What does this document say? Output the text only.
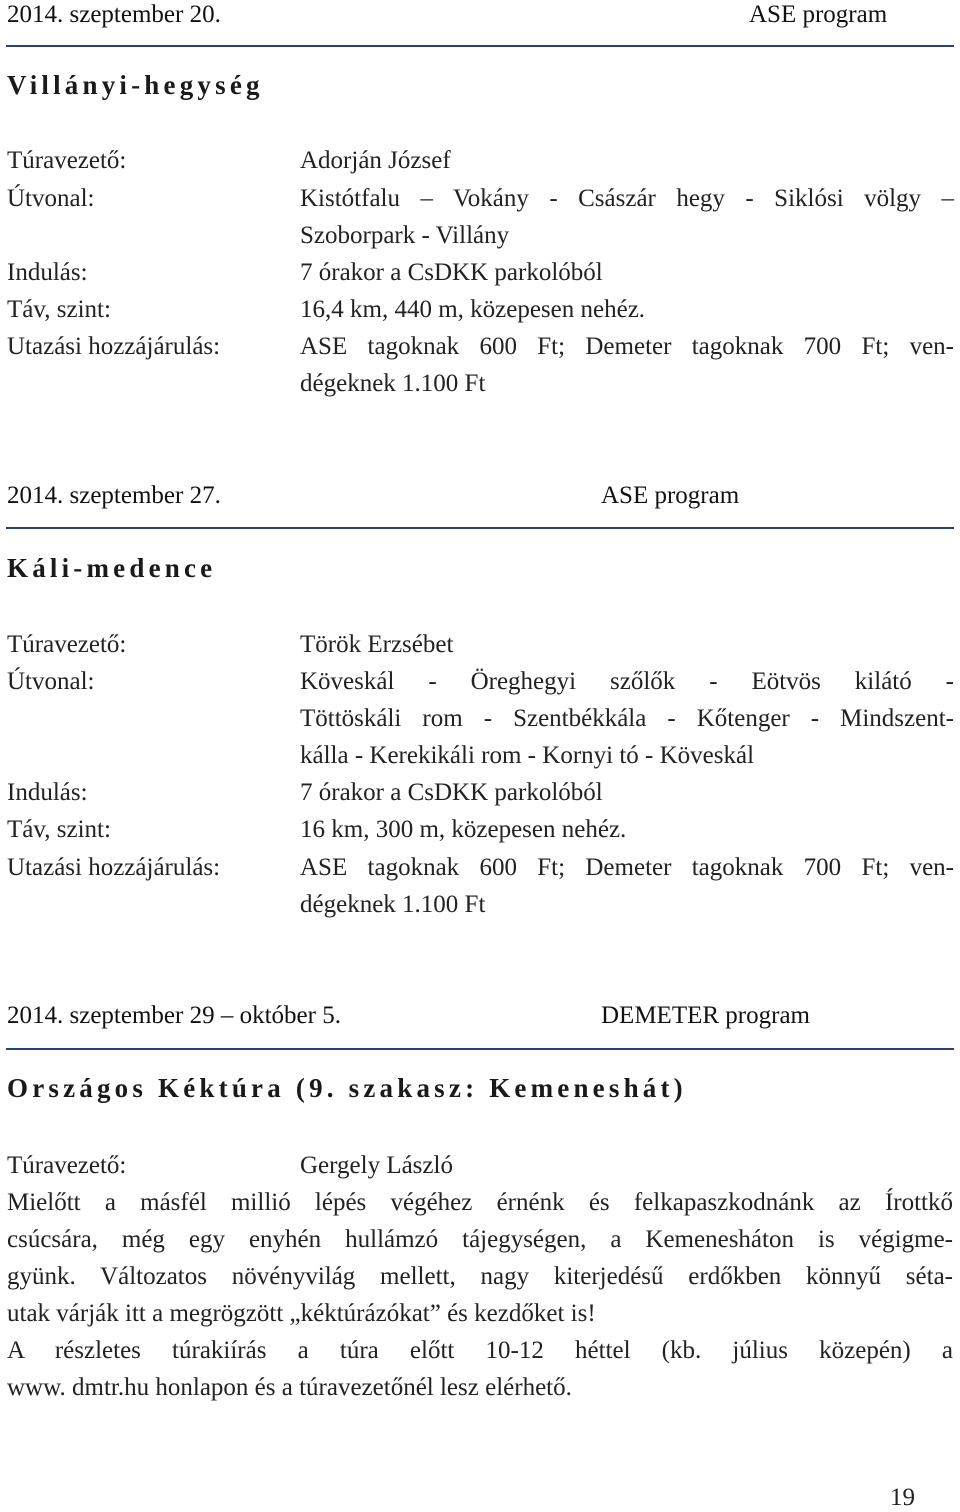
2014. szeptember 20.	ASE program
Villányi-hegység
Túravezető:	Adorján József
Útvonal:	Kistótfalu – Vokány - Császár hegy - Siklósi völgy –
Szoborpark - Villány
Indulás:	7 órakor a CsDKK parkolóból
Táv, szint:	16,4 km, 440 m, közepesen nehéz.
Utazási hozzájárulás:	ASE tagoknak 600 Ft; Demeter tagoknak 700 Ft; ven-
dégeknek 1.100 Ft
2014. szeptember 27.	ASE program
Káli-medence
Túravezető:	Török Erzsébet
Útvonal:	Köveskál - Öreghegyi szőlők - Eötvös kilátó -
Töttöskáli rom - Szentbékkála - Kőtenger - Mindszent-
kálla - Kerekikáli rom - Kornyi tó - Köveskál
Indulás:	7 órakor a CsDKK parkolóból
Táv, szint:	16 km, 300 m, közepesen nehéz.
Utazási hozzájárulás:	ASE tagoknak 600 Ft; Demeter tagoknak 700 Ft; ven-
dégeknek 1.100 Ft
2014. szeptember 29 – október 5.	DEMETER program
Országos Kéktúra (9. szakasz: Kemeneshát)
Túravezető:	Gergely László
Mielőtt a másfél millió lépés végéhez érnénk és felkapaszkodnánk az Írottkő
csúcsára, még egy enyhén hullámzó tájegységen, a Kemenesháton is végigme-
gyünk. Változatos növényvilág mellett, nagy kiterjedésű erdőkben könnyű séta-
utak várják itt a megrögzött „kéktúrázókat” és kezdőket is!
A részletes túrakiírás a túra előtt 10-12 héttel (kb. július közepén) a
www. dmtr.hu honlapon és a túravezetőnél lesz elérhető.
19
